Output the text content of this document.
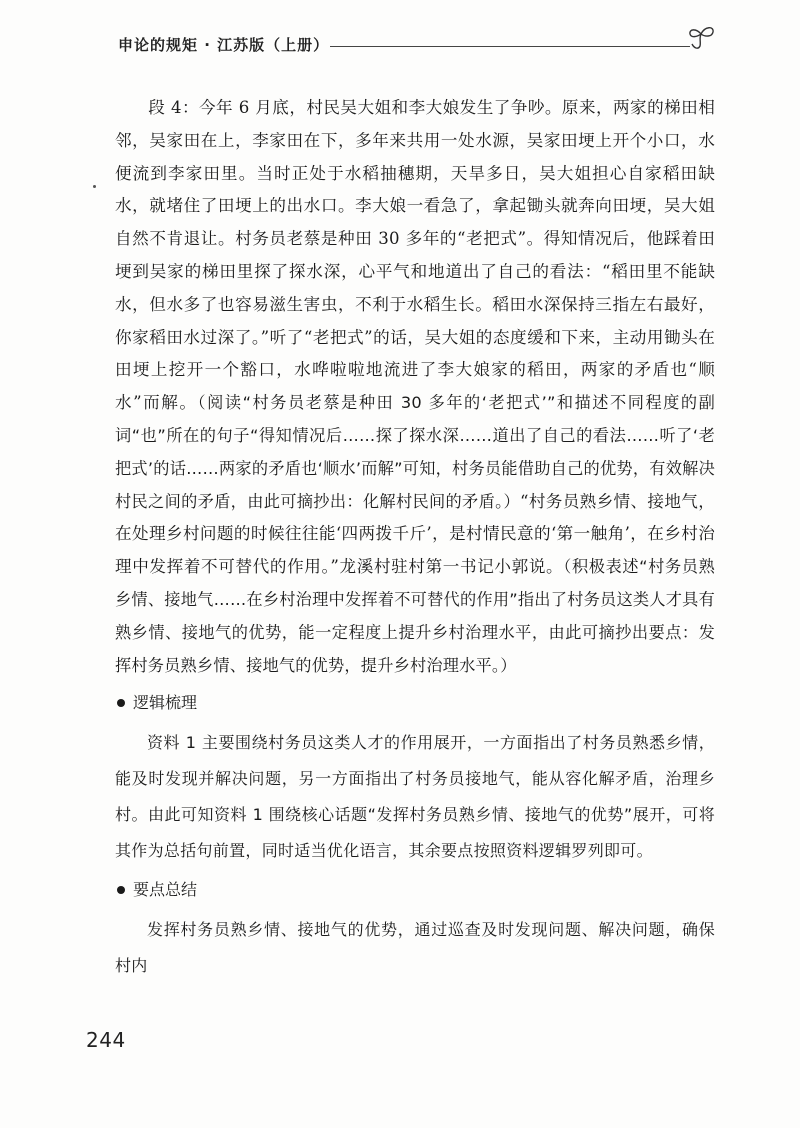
申论的规矩 · 江苏版（上册）

段 4：今年 6 月底，村民吴大姐和李大娘发生了争吵。原来，两家的梯田相邻，吴家田在上，李家田在下，多年来共用一处水源，吴家田埂上开个小口，水便流到李家田里。当时正处于水稻抽穗期，天旱多日，吴大姐担心自家稻田缺水，就堵住了田埂上的出水口。李大娘一看急了，拿起锄头就奔向田埂，吴大姐自然不肯退让。村务员老蔡是种田 30 多年的“老把式”。得知情况后，他踩着田埂到吴家的梯田里探了探水深，心平气和地道出了自己的看法：“稻田里不能缺水，但水多了也容易滋生害虫，不利于水稻生长。稻田水深保持三指左右最好，你家稻田水过深了。”听了“老把式”的话，吴大姐的态度缓和下来，主动用锄头在田埂上挖开一个豁口，水哗啦啦地流进了李大娘家的稻田，两家的矛盾也“顺水”而解。（阅读“村务员老蔡是种田 30 多年的‘老把式’”和描述不同程度的副词“也”所在的句子“得知情况后……探了探水深……道出了自己的看法……听了‘老把式’的话……两家的矛盾也‘顺水’而解”可知，村务员能借助自己的优势，有效解决村民之间的矛盾，由此可摘抄出：化解村民间的矛盾。）“村务员熟乡情、接地气，在处理乡村问题的时候往往能‘四两拨千斤’，是村情民意的‘第一触角’，在乡村治理中发挥着不可替代的作用。”龙溪村驻村第一书记小郭说。（积极表述“村务员熟乡情、接地气……在乡村治理中发挥着不可替代的作用”指出了村务员这类人才具有熟乡情、接地气的优势，能一定程度上提升乡村治理水平，由此可摘抄出要点：发挥村务员熟乡情、接地气的优势，提升乡村治理水平。）

逻辑梳理

资料 1 主要围绕村务员这类人才的作用展开，一方面指出了村务员熟悉乡情，能及时发现并解决问题，另一方面指出了村务员接地气，能从容化解矛盾，治理乡村。由此可知资料 1 围绕核心话题“发挥村务员熟乡情、接地气的优势”展开，可将其作为总括句前置，同时适当优化语言，其余要点按照资料逻辑罗列即可。

要点总结

发挥村务员熟乡情、接地气的优势，通过巡查及时发现问题、解决问题，确保村内

244
